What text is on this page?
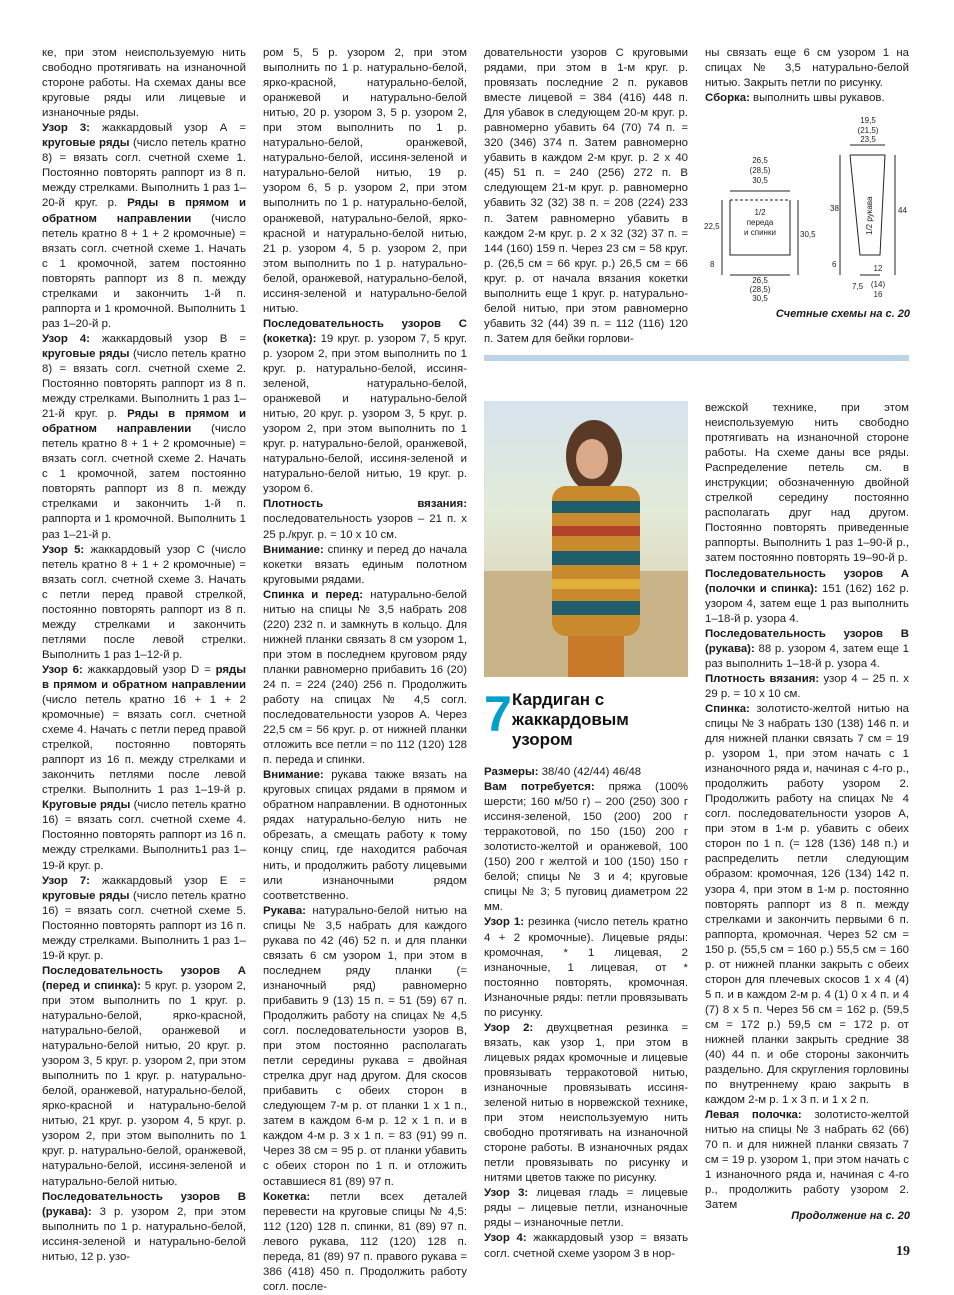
ке, при этом неиспользуемую нить свободно протягивать на изнаночной стороне работы. На схемах даны все круговые ряды или лицевые и изнаночные ряды.

Узор 3: жаккардовый узор А = круговые ряды (число петель кратно 8) = вязать согл. счетной схеме 1. Постоянно повторять раппорт из 8 п. между стрелками. Выполнить 1 раз 1–20-й круг. р. Ряды в прямом и обратном направлении (число петель кратно 8 + 1 + 2 кромочные) = вязать согл. счетной схеме 1. Начать с 1 кромочной, затем постоянно повторять раппорт из 8 п. между стрелками и закончить 1-й п. раппорта и 1 кромочной. Выполнить 1 раз 1–20-й р.

Узор 4: жаккардовый узор В = круговые ряды (число петель кратно 8) = вязать согл. счетной схеме 2. Постоянно повторять раппорт из 8 п. между стрелками. Выполнить 1 раз 1–21-й круг. р. Ряды в прямом и обратном направлении (число петель кратно 8 + 1 + 2 кромочные) = вязать согл. счетной схеме 2. Начать с 1 кромочной, затем постоянно повторять раппорт из 8 п. между стрелками и закончить 1-й п. раппорта и 1 кромочной. Выполнить 1 раз 1–21-й р.

Узор 5: жаккардовый узор С (число петель кратно 8 + 1 + 2 кромочные) = вязать согл. счетной схеме 3. Начать с петли перед правой стрелкой, постоянно повторять раппорт из 8 п. между стрелками и закончить петлями после левой стрелки. Выполнить 1 раз 1–12-й р.

Узор 6: жаккардовый узор D = ряды в прямом и обратном направлении (число петель кратно 16 + 1 + 2 кромочные) = вязать согл. счетной схеме 4. Начать с петли перед правой стрелкой, постоянно повторять раппорт из 16 п. между стрелками и закончить петлями после левой стрелки. Выполнить 1 раз 1–19-й р. Круговые ряды (число петель кратно 16) = вязать согл. счетной схеме 4. Постоянно повторять раппорт из 16 п. между стрелками. Выполнить1 раз 1–19-й круг. р.

Узор 7: жаккардовый узор Е = круговые ряды (число петель кратно 16) = вязать согл. счетной схеме 5. Постоянно повторять раппорт из 16 п. между стрелками. Выполнить 1 раз 1–19-й круг. р.

Последовательность узоров А (перед и спинка): 5 круг. р. узором 2, при этом выполнить по 1 круг. р. натурально-белой, ярко-красной, натурально-белой, оранжевой и натурально-белой нитью, 20 круг. р. узором 3, 5 круг. р. узором 2, при этом выполнить по 1 круг. р. натурально-белой, оранжевой, натурально-белой, ярко-красной и натурально-белой нитью, 21 круг. р. узором 4, 5 круг. р. узором 2, при этом выполнить по 1 круг. р. натурально-белой, оранжевой, натурально-белой, иссиня-зеленой и натурально-белой нитью.

Последовательность узоров В (рукава): 3 р. узором 2, при этом выполнить по 1 р. натурально-белой, иссиня-зеленой и натурально-белой нитью, 12 р. узо-

ром 5, 5 р. узором 2, при этом выполнить по 1 р. натурально-белой, ярко-красной, натурально-белой, оранжевой и натурально-белой нитью, 20 р. узором 3, 5 р. узором 2, при этом выполнить по 1 р. натурально-белой, оранжевой, натурально-белой, иссиня-зеленой и натурально-белой нитью, 19 р. узором 6, 5 р. узором 2, при этом выполнить по 1 р. натурально-белой, оранжевой, натурально-белой, ярко-красной и натурально-белой нитью, 21 р. узором 4, 5 р. узором 2, при этом выполнить по 1 р. натурально-белой, оранжевой, натурально-белой, иссиня-зеленой и натурально-белой нитью.

Последовательность узоров С (кокетка): 19 круг. р. узором 7, 5 круг. р. узором 2, при этом выполнить по 1 круг. р. натурально-белой, иссиня-зеленой, натурально-белой, оранжевой и натурально-белой нитью, 20 круг. р. узором 3, 5 круг. р. узором 2, при этом выполнить по 1 круг. р. натурально-белой, оранжевой, натурально-белой, иссиня-зеленой и натурально-белой нитью, 19 круг. р. узором 6.

Плотность вязания: последовательность узоров – 21 п. х 25 р./круг. р. = 10 х 10 см.

Внимание: спинку и перед до начала кокетки вязать единым полотном круговыми рядами.

Спинка и перед: натурально-белой нитью на спицы № 3,5 набрать 208 (220) 232 п. и замкнуть в кольцо. Для нижней планки связать 8 см узором 1, при этом в последнем круговом ряду планки равномерно прибавить 16 (20) 24 п. = 224 (240) 256 п. Продолжить работу на спицах № 4,5 согл. последовательности узоров А. Через 22,5 см = 56 круг. р. от нижней планки отложить все петли = по 112 (120) 128 п. переда и спинки.

Внимание: рукава также вязать на круговых спицах рядами в прямом и обратном направлении. В однотонных рядах натурально-белую нить не обрезать, а смещать работу к тому концу спиц, где находится рабочая нить, и продолжить работу лицевыми или изнаночными рядом соответственно.

Рукава: натурально-белой нитью на спицы № 3,5 набрать для каждого рукава по 42 (46) 52 п. и для планки связать 6 см узором 1, при этом в последнем ряду планки (= изнаночный ряд) равномерно прибавить 9 (13) 15 п. = 51 (59) 67 п. Продолжить работу на спицах № 4,5 согл. последовательности узоров В, при этом постоянно располагать петли середины рукава = двойная стрелка друг над другом. Для скосов прибавить с обеих сторон в следующем 7-м р. от планки 1 х 1 п., затем в каждом 6-м р. 12 х 1 п. и в каждом 4-м р. 3 х 1 п. = 83 (91) 99 п. Через 38 см = 95 р. от планки убавить с обеих сторон по 1 п. и отложить оставшиеся 81 (89) 97 п.

Кокетка: петли всех деталей перевести на круговые спицы № 4,5: 112 (120) 128 п. спинки, 81 (89) 97 п. левого рукава, 112 (120) 128 п. переда, 81 (89) 97 п. правого рукава = 386 (418) 450 п. Продолжить работу согл. после-

довательности узоров С круговыми рядами, при этом в 1-м круг. р. провязать последние 2 п. рукавов вместе лицевой = 384 (416) 448 п. Для убавок в следующем 20-м круг. р. равномерно убавить 64 (70) 74 п. = 320 (346) 374 п. Затем равномерно убавить в каждом 2-м круг. р. 2 х 40 (45) 51 п. = 240 (256) 272 п. В следующем 21-м круг. р. равномерно убавить 32 (32) 38 п. = 208 (224) 233 п. Затем равномерно убавить в каждом 2-м круг. р. 2 х 32 (32) 37 п. = 144 (160) 159 п. Через 23 см = 58 круг. р. (26,5 см = 66 круг. р.) 26,5 см = 66 круг. р. от начала вязания кокетки выполнить еще 1 круг. р. натурально-белой нитью, при этом равномерно убавить 32 (44) 39 п. = 112 (116) 120 п. Затем для бейки горлови-

ны связать еще 6 см узором 1 на спицах № 3,5 натурально-белой нитью. Закрыть петли по рисунку.

Сборка: выполнить швы рукавов.

26,5
(28,5)
30,5
1/2
переда
и спинки
22,5
30,5
8
26,5
(28,5)
30,5
19,5
(21,5)
23,5
1/2 рукава
38	44
6
7,5
12
(14)
16
Счетные схемы на с. 20
7 Кардиган с жаккардовым узором

Размеры: 38/40 (42/44) 46/48

Вам потребуется: пряжа (100% шерсти; 160 м/50 г) – 200 (250) 300 г иссиня-зеленой, 150 (200) 200 г терракотовой, по 150 (150) 200 г золотисто-желтой и оранжевой, 100 (150) 200 г желтой и 100 (150) 150 г белой; спицы № 3 и 4; круговые спицы № 3; 5 пуговиц диаметром 22 мм.

Узор 1: резинка (число петель кратно 4 + 2 кромочные). Лицевые ряды: кромочная, * 1 лицевая, 2 изнаночные, 1 лицевая, от * постоянно повторять, кромочная. Изнаночные ряды: петли провязывать по рисунку.

Узор 2: двухцветная резинка = вязать, как узор 1, при этом в лицевых рядах кромочные и лицевые провязывать терракотовой нитью, изнаночные провязывать иссиня-зеленой нитью в норвежской технике, при этом неиспользуемую нить свободно протягивать на изнаночной стороне работы. В изнаночных рядах петли провязывать по рисунку и нитями цветов также по рисунку.

Узор 3: лицевая гладь = лицевые ряды – лицевые петли, изнаночные ряды – изнаночные петли.

Узор 4: жаккардовый узор = вязать согл. счетной схеме узором 3 в нор-

вежской технике, при этом неиспользуемую нить свободно протягивать на изнаночной стороне работы. На схеме даны все ряды. Распределение петель см. в инструкции; обозначенную двойной стрелкой середину постоянно располагать друг над другом. Постоянно повторять приведенные раппорты. Выполнить 1 раз 1–90-й р., затем постоянно повторять 19–90-й р.

Последовательность узоров А (полочки и спинка): 151 (162) 162 р. узором 4, затем еще 1 раз выполнить 1–18-й р. узора 4.

Последовательность узоров В (рукава): 88 р. узором 4, затем еще 1 раз выполнить 1–18-й р. узора 4.

Плотность вязания: узор 4 – 25 п. х 29 р. = 10 х 10 см.

Спинка: золотисто-желтой нитью на спицы № 3 набрать 130 (138) 146 п. и для нижней планки связать 7 см = 19 р. узором 1, при этом начать с 1 изнаночного ряда и, начиная с 4-го р., продолжить работу узором 2. Продолжить работу на спицах № 4 согл. последовательности узоров А, при этом в 1-м р. убавить с обеих сторон по 1 п. (= 128 (136) 148 п.) и распределить петли следующим образом: кромочная, 126 (134) 142 п. узора 4, при этом в 1-м р. постоянно повторять раппорт из 8 п. между стрелками и закончить первыми 6 п. раппорта, кромочная. Через 52 см = 150 р. (55,5 см = 160 р.) 55,5 см = 160 р. от нижней планки закрыть с обеих сторон для плечевых скосов 1 х 4 (4) 5 п. и в каждом 2-м р. 4 (1) 0 х 4 п. и 4 (7) 8 х 5 п. Через 56 см = 162 р. (59,5 см = 172 р.) 59,5 см = 172 р. от нижней планки закрыть средние 38 (40) 44 п. и обе стороны закончить раздельно. Для скругления горловины по внутреннему краю закрыть в каждом 2-м р. 1 х 3 п. и 1 х 2 п.

Левая полочка: золотисто-желтой нитью на спицы № 3 набрать 62 (66) 70 п. и для нижней планки связать 7 см = 19 р. узором 1, при этом начать с 1 изнаночного ряда и, начиная с 4-го р., продолжить работу узором 2. Затем

Продолжение на с. 20
19
